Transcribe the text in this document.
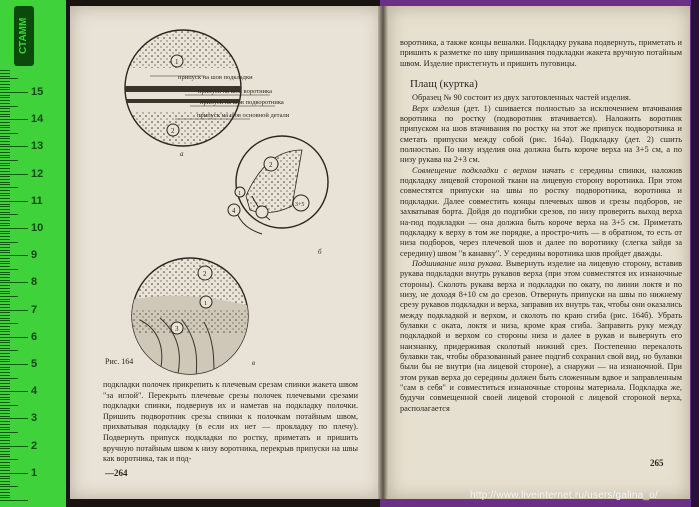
СТАММ
1
2
3
4
5
6
7
8
9
10
11
12
13
14
15
1
2
припуск на шов подкладки
припуск на шов воротника
припуск на шов подворотника
припуск на шов основной детали
а
1
2
3+5
4
б
1
2
3
в
Рис. 164

подкладки полочек прикрепить к плечевым срезам спинки жакета швом "за иглой". Перекрыть плечевые срезы полочек плечевыми срезами подкладки спинки, подвернув их и наметав на подкладку полочки. Пришить подворотник срезы спинки к полочкам потайным швом, прихватывая подкладку (в если их нет — прокладку по плечу). Подвернуть припуск подкладки по ростку, приметать и пришить вручную потайным швом к низу воротника, перекрыв припуски на швы как воротника, так и под-

—264

воротника, а также концы вешалки. Подкладку рукава подвернуть, приметать и пришить к разметке по шву пришивания подкладки жакета вручную потайным швом. Изделие пристегнуть и пришить пуговицы.

Плащ (куртка)

Образец № 90 состоит из двух заготовленных частей изделия.

Верх изделия (дет. 1) сшивается полностью за исключением втачивания воротника по ростку (подворотник втачивается). Наложить воротник припуском на шов втачивания по ростку на этот же припуск подворотника и сметать припуски между собой (рис. 164а). Подкладку (дет. 2) сшить полностью. По низу изделия она должна быть короче верха на 3+5 см, а по низу рукава на 2+3 см.

Совмещение подкладки с верхом начать с середины спинки, наложив подкладку лицевой стороной ткани на лицевую сторону воротника. При этом совместятся припуски на швы по ростку подворотника, воротника и подкладки. Далее совместить концы плечевых швов и срезы подборов, не захватывая борта. Дойдя до подгибки срезов, по низу проверить выход верха на-под подкладки — она должна быть короче верха на 3+5 см. Приметать подкладку к верху в том же порядке, а простро‑чить — в обратном, то есть от низа подборов, через плечевой шов и далее по воротнику (слегка зайдя за середину) швом "в канавку". У середины воротника шов пройдет дважды.

Подшивание низа рукава. Вывернуть изделие на лицевую сторону, вставив рукава подкладки внутрь рукавов верха (при этом совместятся их изнаночные стороны). Сколоть рукава верха и подкладки по окату, по линии локтя и по низу, не доходя 8+10 см до срезов. Отвернуть припуски на швы по нижнему срезу рукавов подкладки и верха, заправив их внутрь так, чтобы они оказались между подкладкой и верхом, и сколоть по краю сгиба (рис. 164б). Убрать булавки с оката, локтя и низа, кроме края сгиба. Заправить руку между подкладкой и верхом со стороны низа и далее в рукав и вывернуть его наизнанку, придерживая сколотый нижний срез. Постепенно перекалоть булавки так, чтобы образованный ранее подгиб сохранил свой вид, но булавки были бы не внутри (на лицевой стороне), а снаружи — на изнаночной. При этом рукав верха до середины должен быть сложенным вдвое и заправленным "сам в себя" и совместиться изнаночные стороны материала. Подкладка же, будучи совмещенной своей лицевой стороной с лицевой стороной верха, располагается

265
http://www.liveinternet.ru/users/galina_o/
